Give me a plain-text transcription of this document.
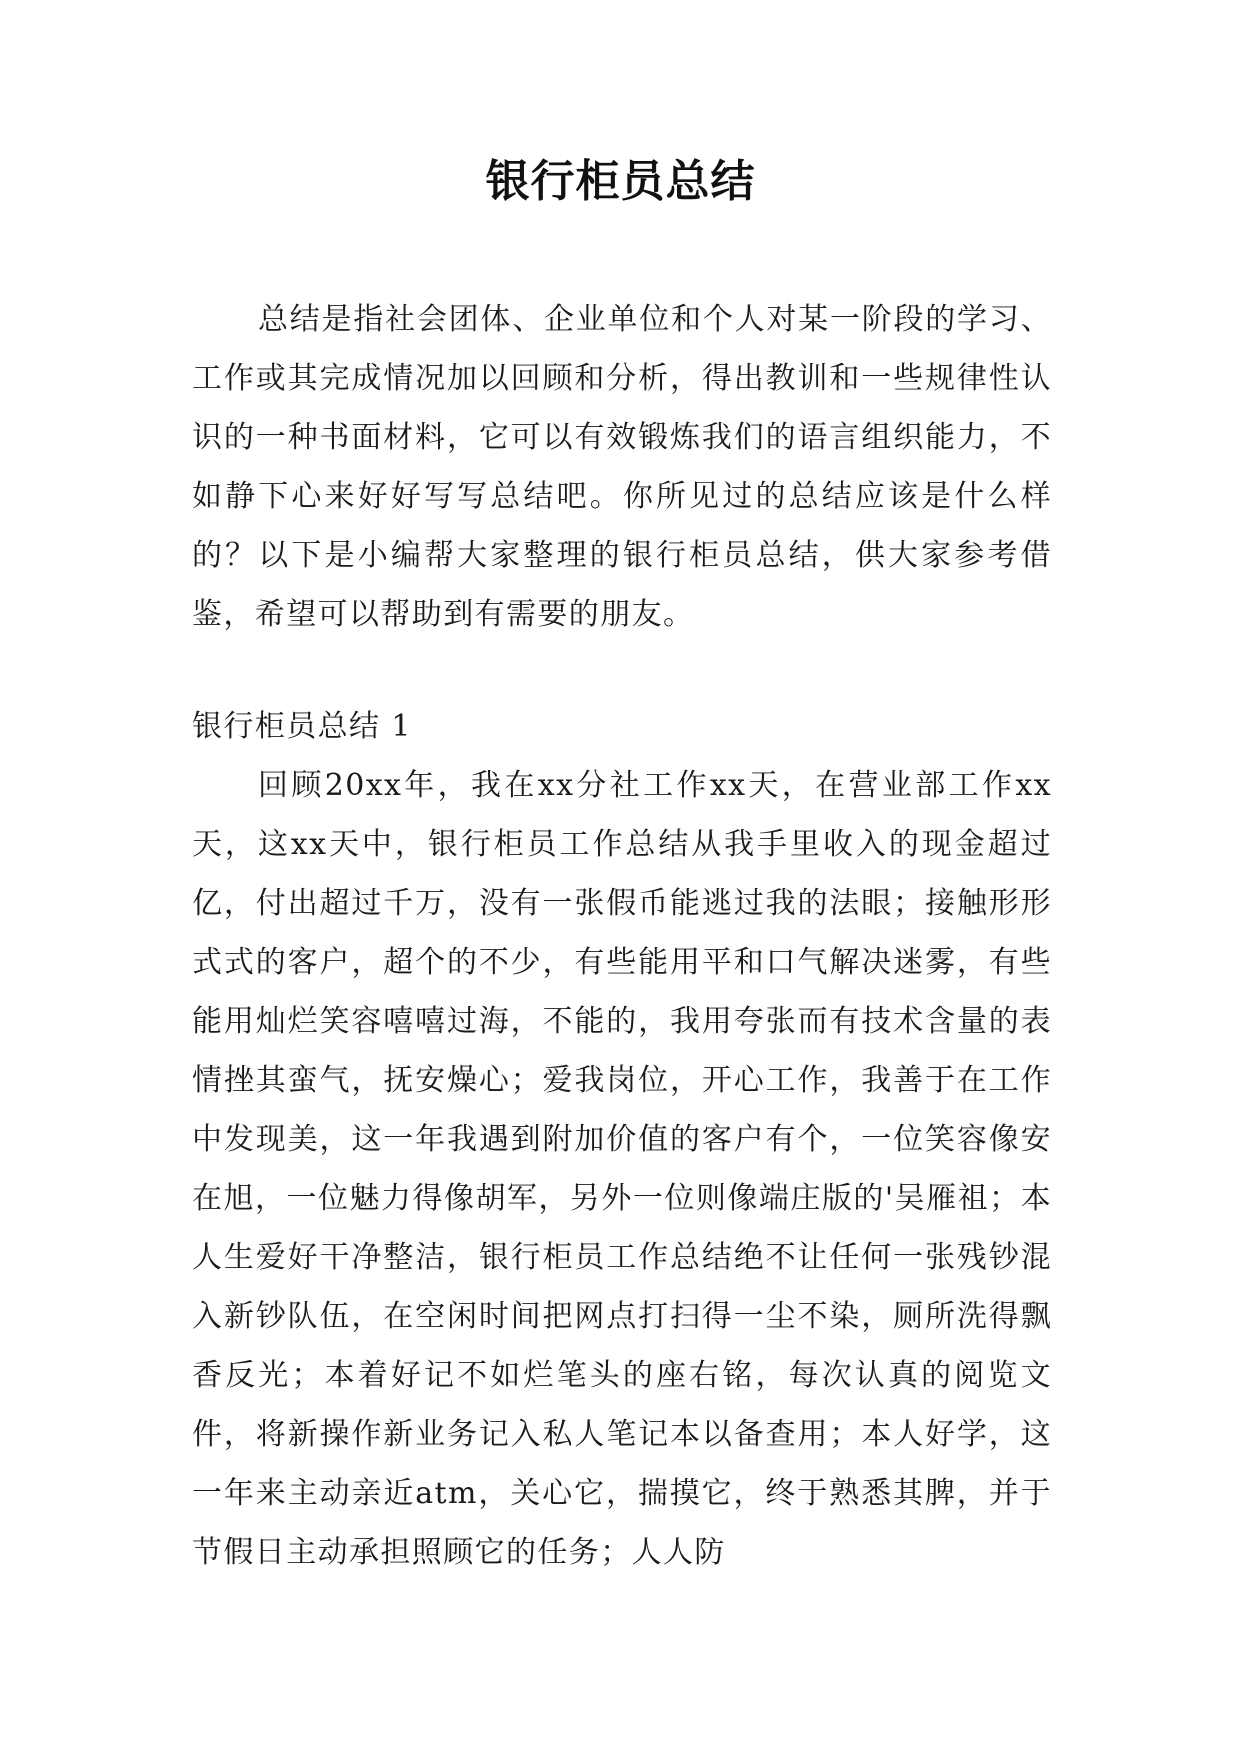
银行柜员总结

总结是指社会团体、企业单位和个人对某一阶段的学习、工作或其完成情况加以回顾和分析，得出教训和一些规律性认识的一种书面材料，它可以有效锻炼我们的语言组织能力，不如静下心来好好写写总结吧。你所见过的总结应该是什么样的？以下是小编帮大家整理的银行柜员总结，供大家参考借鉴，希望可以帮助到有需要的朋友。

银行柜员总结 1

回顾20xx年，我在xx分社工作xx天，在营业部工作xx天，这xx天中，银行柜员工作总结从我手里收入的现金超过亿，付出超过千万，没有一张假币能逃过我的法眼；接触形形式式的客户，超个的不少，有些能用平和口气解决迷雾，有些能用灿烂笑容嘻嘻过海，不能的，我用夸张而有技术含量的表情挫其蛮气，抚安燥心；爱我岗位，开心工作，我善于在工作中发现美，这一年我遇到附加价值的客户有个，一位笑容像安在旭，一位魅力得像胡军，另外一位则像端庄版的'吴雁祖；本人生爱好干净整洁，银行柜员工作总结绝不让任何一张残钞混入新钞队伍，在空闲时间把网点打扫得一尘不染，厕所洗得飘香反光；本着好记不如烂笔头的座右铭，每次认真的阅览文件，将新操作新业务记入私人笔记本以备查用；本人好学，这一年来主动亲近atm，关心它，揣摸它，终于熟悉其脾，并于节假日主动承担照顾它的任务；人人防
